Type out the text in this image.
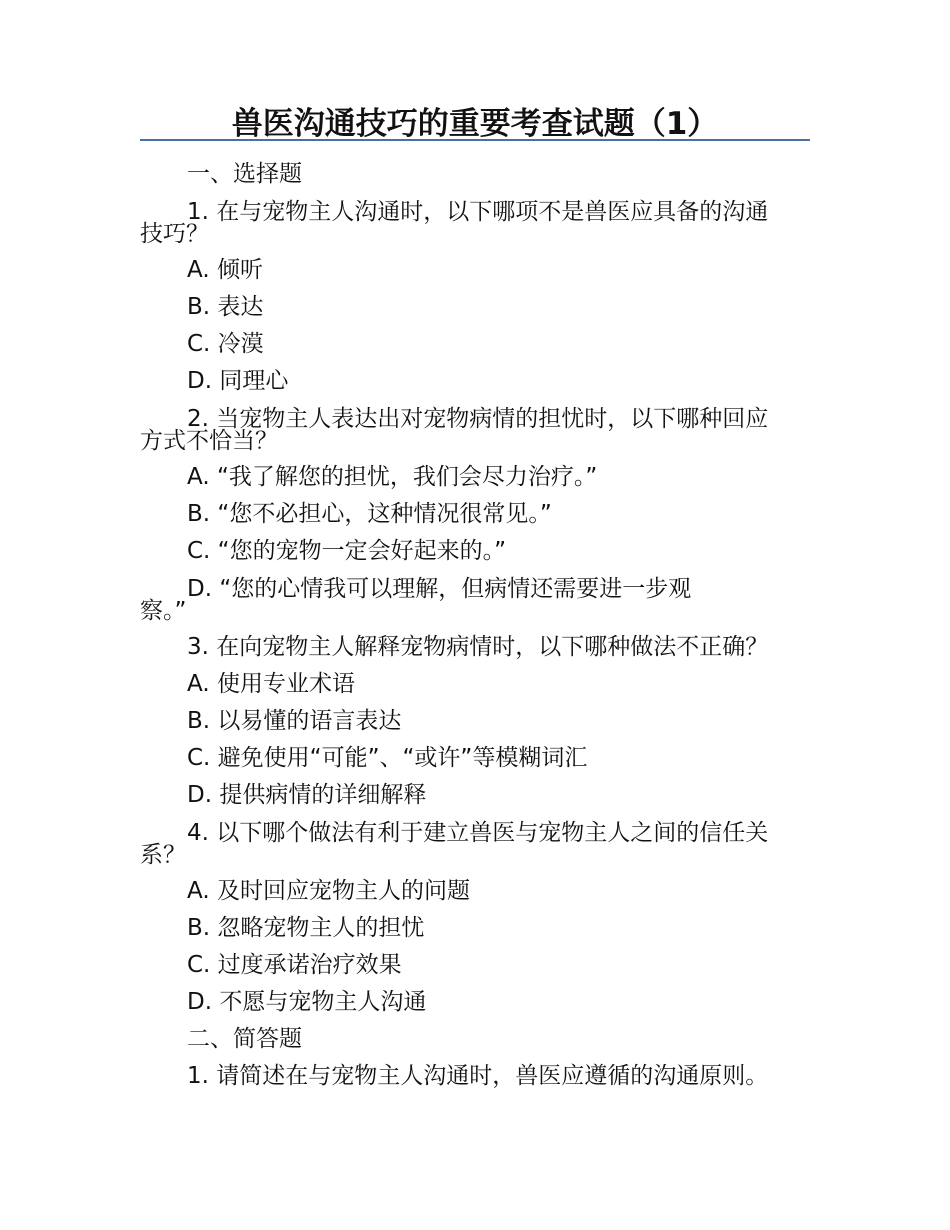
兽医沟通技巧的重要考查试题（1）
一、选择题
1. 在与宠物主人沟通时，以下哪项不是兽医应具备的沟通
技巧？
A. 倾听
B. 表达
C. 冷漠
D. 同理心
2. 当宠物主人表达出对宠物病情的担忧时，以下哪种回应
方式不恰当？
A. “我了解您的担忧，我们会尽力治疗。”
B. “您不必担心，这种情况很常见。”
C. “您的宠物一定会好起来的。”
D. “您的心情我可以理解，但病情还需要进一步观
察。”
3. 在向宠物主人解释宠物病情时，以下哪种做法不正确？
A. 使用专业术语
B. 以易懂的语言表达
C. 避免使用“可能”、“或许”等模糊词汇
D. 提供病情的详细解释
4. 以下哪个做法有利于建立兽医与宠物主人之间的信任关
系？
A. 及时回应宠物主人的问题
B. 忽略宠物主人的担忧
C. 过度承诺治疗效果
D. 不愿与宠物主人沟通
二、简答题
1. 请简述在与宠物主人沟通时，兽医应遵循的沟通原则。
